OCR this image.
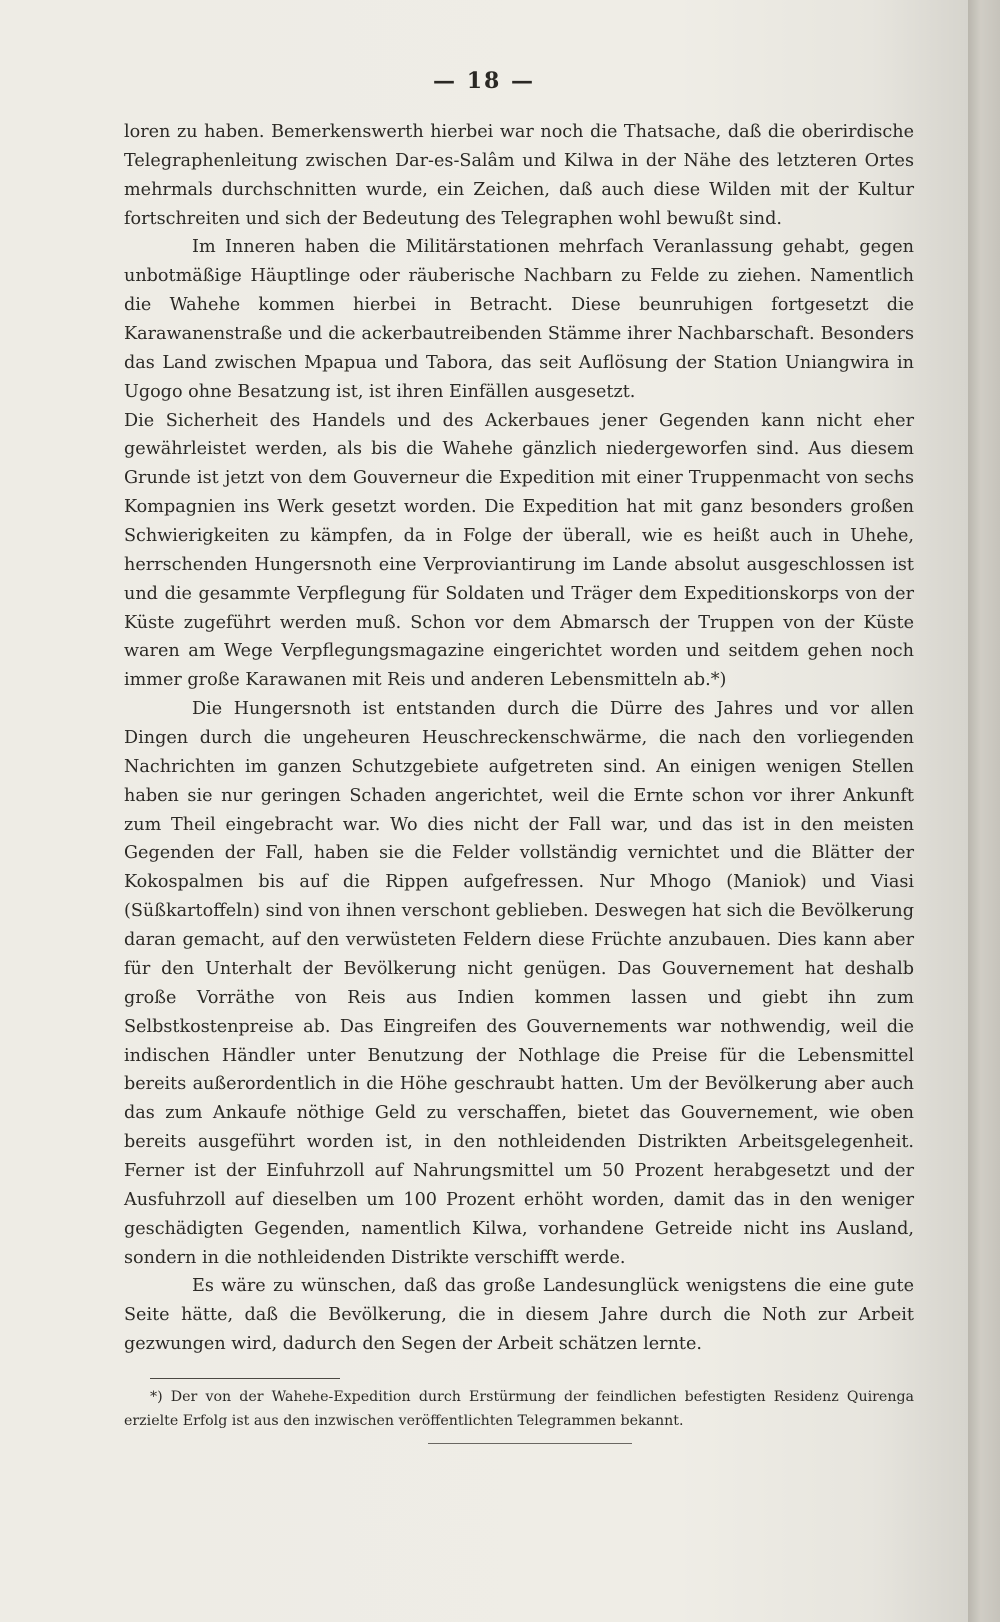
— 18 —

loren zu haben. Bemerkenswerth hierbei war noch die Thatsache, daß die oberirdische Telegraphenleitung zwischen Dar-es-Salâm und Kilwa in der Nähe des letzteren Ortes mehrmals durchschnitten wurde, ein Zeichen, daß auch diese Wilden mit der Kultur fortschreiten und sich der Bedeutung des Telegraphen wohl bewußt sind.

Im Inneren haben die Militärstationen mehrfach Veranlassung gehabt, gegen unbotmäßige Häuptlinge oder räuberische Nachbarn zu Felde zu ziehen. Namentlich die Wahehe kommen hierbei in Betracht. Diese beunruhigen fortgesetzt die Karawanenstraße und die ackerbautreibenden Stämme ihrer Nachbarschaft. Besonders das Land zwischen Mpapua und Tabora, das seit Auflösung der Station Uniangwira in Ugogo ohne Besatzung ist, ist ihren Einfällen ausgesetzt.

Die Sicherheit des Handels und des Ackerbaues jener Gegenden kann nicht eher gewährleistet werden, als bis die Wahehe gänzlich niedergeworfen sind. Aus diesem Grunde ist jetzt von dem Gouverneur die Expedition mit einer Truppenmacht von sechs Kompagnien ins Werk gesetzt worden. Die Expedition hat mit ganz besonders großen Schwierigkeiten zu kämpfen, da in Folge der überall, wie es heißt auch in Uhehe, herrschenden Hungersnoth eine Verproviantirung im Lande absolut ausgeschlossen ist und die gesammte Verpflegung für Soldaten und Träger dem Expeditionskorps von der Küste zugeführt werden muß. Schon vor dem Abmarsch der Truppen von der Küste waren am Wege Verpflegungsmagazine eingerichtet worden und seitdem gehen noch immer große Karawanen mit Reis und anderen Lebensmitteln ab.*)

Die Hungersnoth ist entstanden durch die Dürre des Jahres und vor allen Dingen durch die ungeheuren Heuschreckenschwärme, die nach den vorliegenden Nachrichten im ganzen Schutzgebiete aufgetreten sind. An einigen wenigen Stellen haben sie nur geringen Schaden angerichtet, weil die Ernte schon vor ihrer Ankunft zum Theil eingebracht war. Wo dies nicht der Fall war, und das ist in den meisten Gegenden der Fall, haben sie die Felder vollständig vernichtet und die Blätter der Kokospalmen bis auf die Rippen aufgefressen. Nur Mhogo (Maniok) und Viasi (Süßkartoffeln) sind von ihnen verschont geblieben. Deswegen hat sich die Bevölkerung daran gemacht, auf den verwüsteten Feldern diese Früchte anzubauen. Dies kann aber für den Unterhalt der Bevölkerung nicht genügen. Das Gouvernement hat deshalb große Vorräthe von Reis aus Indien kommen lassen und giebt ihn zum Selbstkostenpreise ab. Das Eingreifen des Gouvernements war nothwendig, weil die indischen Händler unter Benutzung der Nothlage die Preise für die Lebensmittel bereits außerordentlich in die Höhe geschraubt hatten. Um der Bevölkerung aber auch das zum Ankaufe nöthige Geld zu verschaffen, bietet das Gouvernement, wie oben bereits ausgeführt worden ist, in den nothleidenden Distrikten Arbeitsgelegenheit. Ferner ist der Einfuhrzoll auf Nahrungsmittel um 50 Prozent herabgesetzt und der Ausfuhrzoll auf dieselben um 100 Prozent erhöht worden, damit das in den weniger geschädigten Gegenden, namentlich Kilwa, vorhandene Getreide nicht ins Ausland, sondern in die nothleidenden Distrikte verschifft werde.

Es wäre zu wünschen, daß das große Landesunglück wenigstens die eine gute Seite hätte, daß die Bevölkerung, die in diesem Jahre durch die Noth zur Arbeit gezwungen wird, dadurch den Segen der Arbeit schätzen lernte.

*) Der von der Wahehe-Expedition durch Erstürmung der feindlichen befestigten Residenz Quirenga erzielte Erfolg ist aus den inzwischen veröffentlichten Telegrammen bekannt.
